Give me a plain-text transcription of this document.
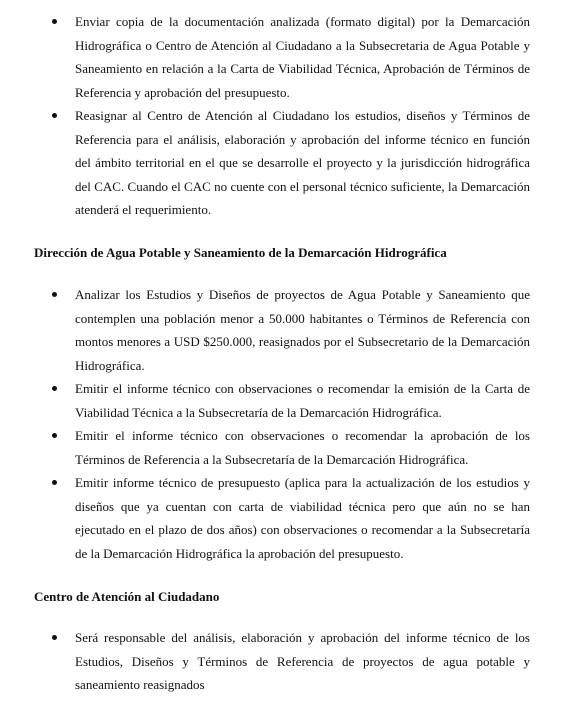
Enviar copia de la documentación analizada (formato digital) por la Demarcación Hidrográfica o Centro de Atención al Ciudadano a la Subsecretaria de Agua Potable y Saneamiento en relación a la Carta de Viabilidad Técnica, Aprobación de Términos de Referencia y aprobación del presupuesto.
Reasignar al Centro de Atención al Ciudadano los estudios, diseños y Términos de Referencia para el análisis, elaboración y aprobación del informe técnico en función del ámbito territorial en el que se desarrolle el proyecto y la jurisdicción hidrográfica del CAC. Cuando el CAC no cuente con el personal técnico suficiente, la Demarcación atenderá el requerimiento.

Dirección de Agua Potable y Saneamiento de la Demarcación Hidrográfica

Analizar los Estudios y Diseños de proyectos de Agua Potable y Saneamiento que contemplen una población menor a 50.000 habitantes o Términos de Referencia con montos menores a USD $250.000, reasignados por el Subsecretario de la Demarcación Hidrográfica.
Emitir el informe técnico con observaciones o recomendar la emisión de la Carta de Viabilidad Técnica a la Subsecretaría de la Demarcación Hidrográfica.
Emitir el informe técnico con observaciones o recomendar la aprobación de los Términos de Referencia a la Subsecretaría de la Demarcación Hidrográfica.
Emitir informe técnico de presupuesto (aplica para la actualización de los estudios y diseños que ya cuentan con carta de viabilidad técnica pero que aún no se han ejecutado en el plazo de dos años) con observaciones o recomendar a la Subsecretaría de la Demarcación Hidrográfica la aprobación del presupuesto.

Centro de Atención al Ciudadano

Será responsable del análisis, elaboración y aprobación del informe técnico de los Estudios, Diseños y Términos de Referencia de proyectos de agua potable y saneamiento reasignados
